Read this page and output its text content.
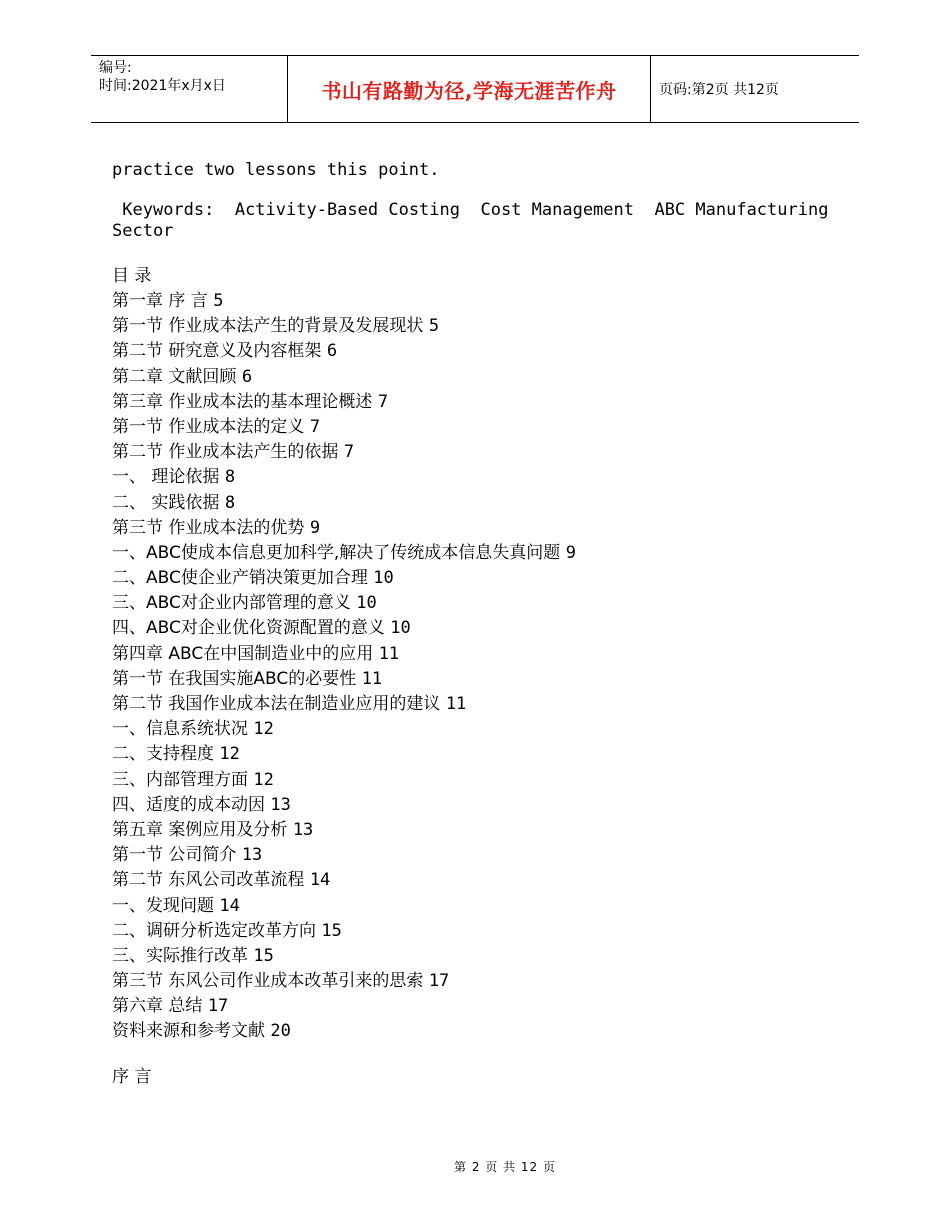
编号:
时间:2021年x月x日	书山有路勤为径,学海无涯苦作舟	页码:第2页 共12页

practice two lessons this point.

Keywords:  Activity-Based Costing  Cost Management  ABC Manufacturing Sector

目 录
第一章 序 言 5
第一节 作业成本法产生的背景及发展现状 5
第二节 研究意义及内容框架 6
第二章 文献回顾 6
第三章 作业成本法的基本理论概述 7
第一节 作业成本法的定义 7
第二节 作业成本法产生的依据 7
一、 理论依据 8
二、 实践依据 8
第三节 作业成本法的优势 9
一、ABC使成本信息更加科学,解决了传统成本信息失真问题 9
二、ABC使企业产销决策更加合理 10
三、ABC对企业内部管理的意义 10
四、ABC对企业优化资源配置的意义 10
第四章 ABC在中国制造业中的应用 11
第一节 在我国实施ABC的必要性 11
第二节 我国作业成本法在制造业应用的建议 11
一、信息系统状况 12
二、支持程度 12
三、内部管理方面 12
四、适度的成本动因 13
第五章 案例应用及分析 13
第一节 公司简介 13
第二节 东风公司改革流程 14
一、发现问题 14
二、调研分析选定改革方向 15
三、实际推行改革 15
第三节 东风公司作业成本改革引来的思索 17
第六章 总结 17
资料来源和参考文献 20
序 言
第 2 页 共 12 页
